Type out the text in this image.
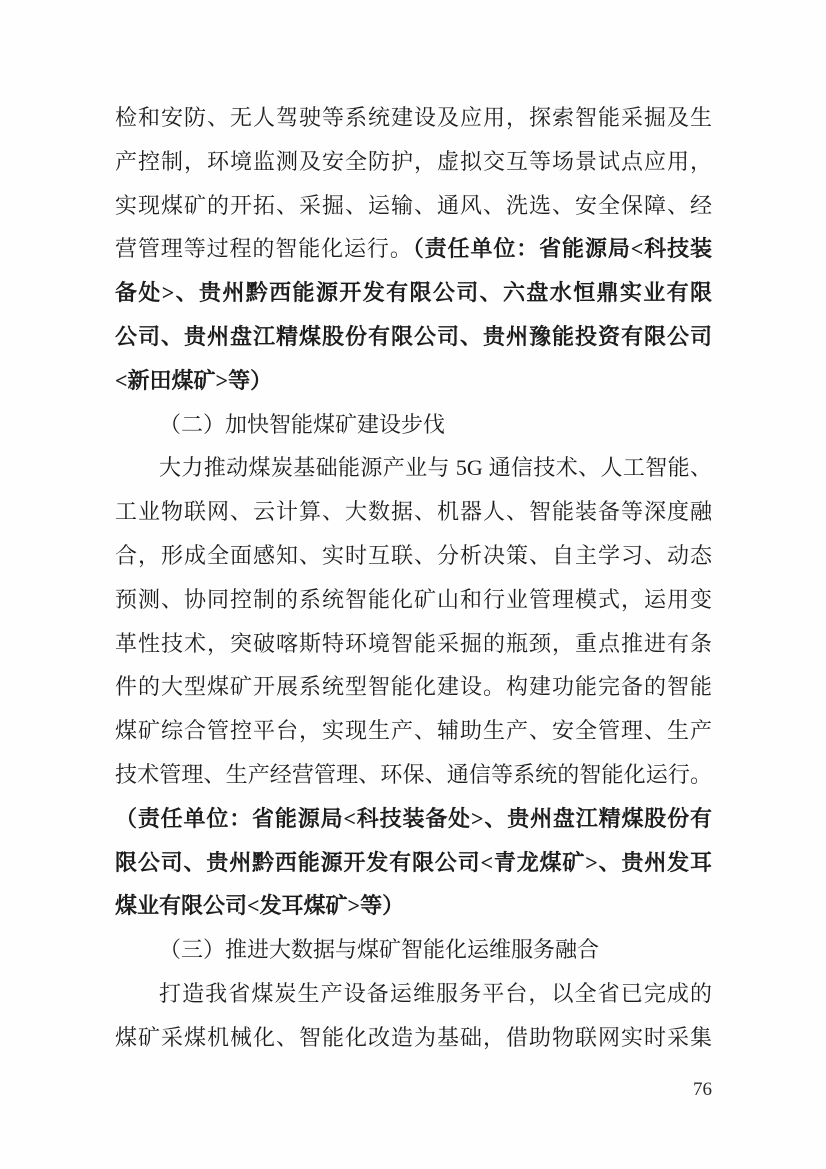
检和安防、无人驾驶等系统建设及应用，探索智能采掘及生

产控制，环境监测及安全防护，虚拟交互等场景试点应用，

实现煤矿的开拓、采掘、运输、通风、洗选、安全保障、经

营管理等过程的智能化运行。（责任单位：省能源局<科技装

备处>、贵州黔西能源开发有限公司、六盘水恒鼎实业有限

公司、贵州盘江精煤股份有限公司、贵州豫能投资有限公司

<新田煤矿>等）

（二）加快智能煤矿建设步伐

大力推动煤炭基础能源产业与 5G 通信技术、人工智能、

工业物联网、云计算、大数据、机器人、智能装备等深度融

合，形成全面感知、实时互联、分析决策、自主学习、动态

预测、协同控制的系统智能化矿山和行业管理模式，运用变

革性技术，突破喀斯特环境智能采掘的瓶颈，重点推进有条

件的大型煤矿开展系统型智能化建设。构建功能完备的智能

煤矿综合管控平台，实现生产、辅助生产、安全管理、生产

技术管理、生产经营管理、环保、通信等系统的智能化运行。

（责任单位：省能源局<科技装备处>、贵州盘江精煤股份有

限公司、贵州黔西能源开发有限公司<青龙煤矿>、贵州发耳

煤业有限公司<发耳煤矿>等）

（三）推进大数据与煤矿智能化运维服务融合

打造我省煤炭生产设备运维服务平台，以全省已完成的

煤矿采煤机械化、智能化改造为基础，借助物联网实时采集

76
